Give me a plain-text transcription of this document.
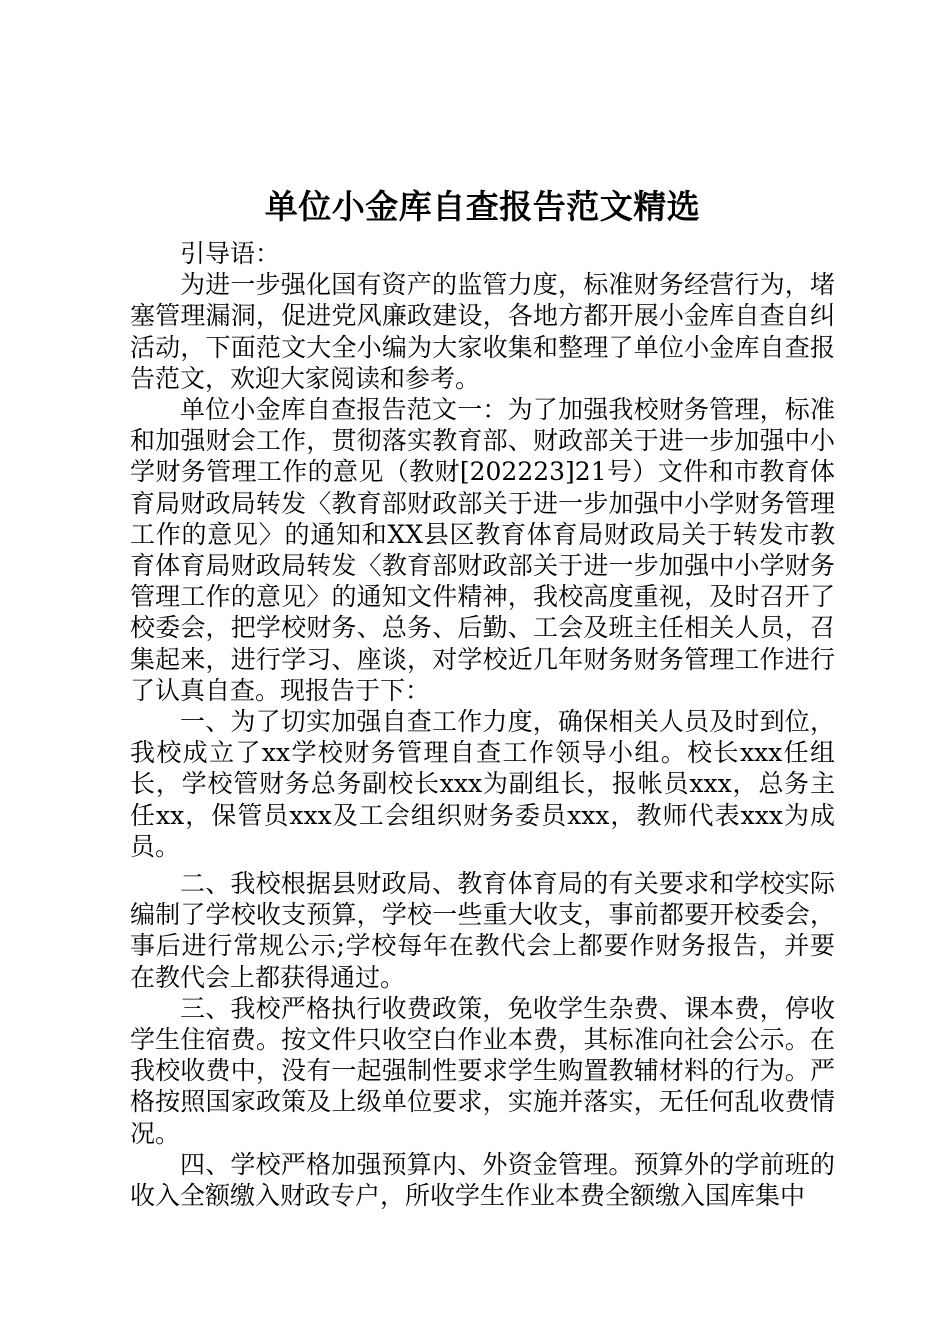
单位小金库自查报告范文精选

引导语：

为进一步强化国有资产的监管力度，标准财务经营行为，堵塞管理漏洞，促进党风廉政建设，各地方都开展小金库自查自纠活动，下面范文大全小编为大家收集和整理了单位小金库自查报告范文，欢迎大家阅读和参考。

单位小金库自查报告范文一：为了加强我校财务管理，标准和加强财会工作，贯彻落实教育部、财政部关于进一步加强中小学财务管理工作的意见（教财[202223]21号）文件和市教育体育局财政局转发〈教育部财政部关于进一步加强中小学财务管理工作的意见〉的通知和XX县区教育体育局财政局关于转发市教育体育局财政局转发〈教育部财政部关于进一步加强中小学财务管理工作的意见〉的通知文件精神，我校高度重视，及时召开了校委会，把学校财务、总务、后勤、工会及班主任相关人员，召集起来，进行学习、座谈，对学校近几年财务财务管理工作进行了认真自查。现报告于下：

一、为了切实加强自查工作力度，确保相关人员及时到位，我校成立了xx学校财务管理自查工作领导小组。校长xxx任组长，学校管财务总务副校长xxx为副组长，报帐员xxx，总务主任xx，保管员xxx及工会组织财务委员xxx，教师代表xxx为成员。

二、我校根据县财政局、教育体育局的有关要求和学校实际编制了学校收支预算，学校一些重大收支，事前都要开校委会，事后进行常规公示;学校每年在教代会上都要作财务报告，并要在教代会上都获得通过。

三、我校严格执行收费政策，免收学生杂费、课本费，停收学生住宿费。按文件只收空白作业本费，其标准向社会公示。在我校收费中，没有一起强制性要求学生购置教辅材料的行为。严格按照国家政策及上级单位要求，实施并落实，无任何乱收费情况。

四、学校严格加强预算内、外资金管理。预算外的学前班的收入全额缴入财政专户，所收学生作业本费全额缴入国库集中
